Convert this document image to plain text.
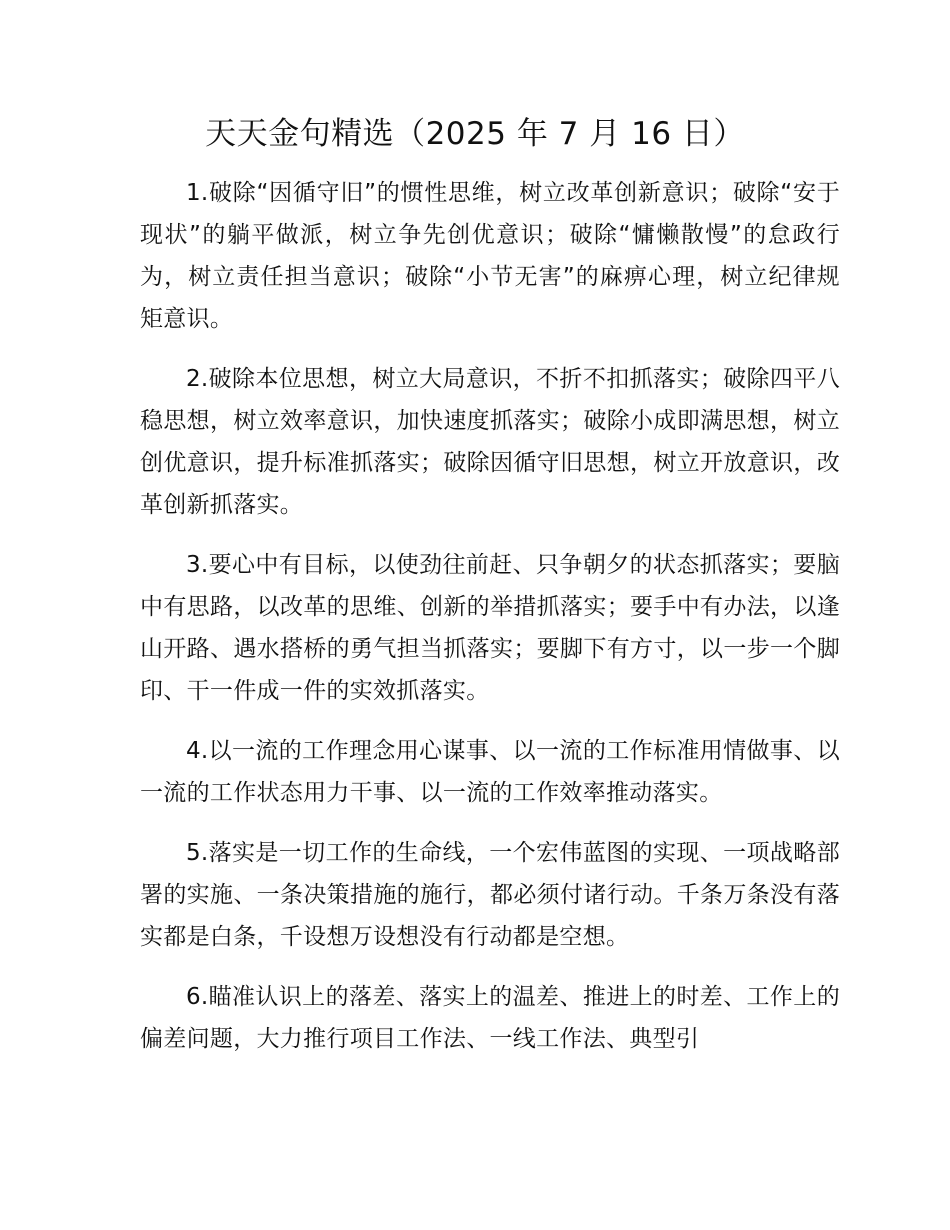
天天金句精选（2025 年 7 月 16 日）

1.破除“因循守旧”的惯性思维，树立改革创新意识；破除“安于现状”的躺平做派，树立争先创优意识；破除“慵懒散慢”的怠政行为，树立责任担当意识；破除“小节无害”的麻痹心理，树立纪律规矩意识。

2.破除本位思想，树立大局意识，不折不扣抓落实；破除四平八稳思想，树立效率意识，加快速度抓落实；破除小成即满思想，树立创优意识，提升标准抓落实；破除因循守旧思想，树立开放意识，改革创新抓落实。

3.要心中有目标，以使劲往前赶、只争朝夕的状态抓落实；要脑中有思路，以改革的思维、创新的举措抓落实；要手中有办法，以逢山开路、遇水搭桥的勇气担当抓落实；要脚下有方寸，以一步一个脚印、干一件成一件的实效抓落实。

4.以一流的工作理念用心谋事、以一流的工作标准用情做事、以一流的工作状态用力干事、以一流的工作效率推动落实。

5.落实是一切工作的生命线，一个宏伟蓝图的实现、一项战略部署的实施、一条决策措施的施行，都必须付诸行动。千条万条没有落实都是白条，千设想万设想没有行动都是空想。

6.瞄准认识上的落差、落实上的温差、推进上的时差、工作上的偏差问题，大力推行项目工作法、一线工作法、典型引
